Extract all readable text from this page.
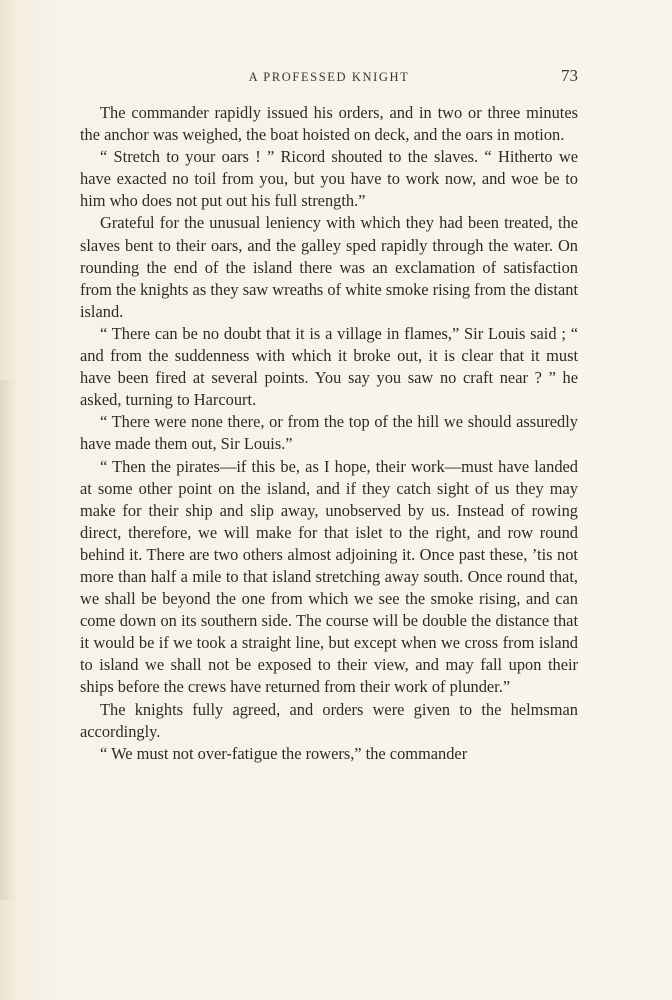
A PROFESSED KNIGHT	73

The commander rapidly issued his orders, and in two or three minutes the anchor was weighed, the boat hoisted on deck, and the oars in motion.

“ Stretch to your oars ! ” Ricord shouted to the slaves. “ Hitherto we have exacted no toil from you, but you have to work now, and woe be to him who does not put out his full strength.”

Grateful for the unusual leniency with which they had been treated, the slaves bent to their oars, and the galley sped rapidly through the water. On rounding the end of the island there was an exclamation of satisfaction from the knights as they saw wreaths of white smoke rising from the distant island.

“ There can be no doubt that it is a village in flames,” Sir Louis said ; “ and from the suddenness with which it broke out, it is clear that it must have been fired at several points. You say you saw no craft near ? ” he asked, turning to Harcourt.

“ There were none there, or from the top of the hill we should assuredly have made them out, Sir Louis.”

“ Then the pirates—if this be, as I hope, their work—must have landed at some other point on the island, and if they catch sight of us they may make for their ship and slip away, unobserved by us. Instead of rowing direct, therefore, we will make for that islet to the right, and row round behind it. There are two others almost adjoining it. Once past these, ’tis not more than half a mile to that island stretching away south. Once round that, we shall be beyond the one from which we see the smoke rising, and can come down on its southern side. The course will be double the distance that it would be if we took a straight line, but except when we cross from island to island we shall not be exposed to their view, and may fall upon their ships before the crews have returned from their work of plunder.”

The knights fully agreed, and orders were given to the helmsman accordingly.

“ We must not over-fatigue the rowers,” the commander
